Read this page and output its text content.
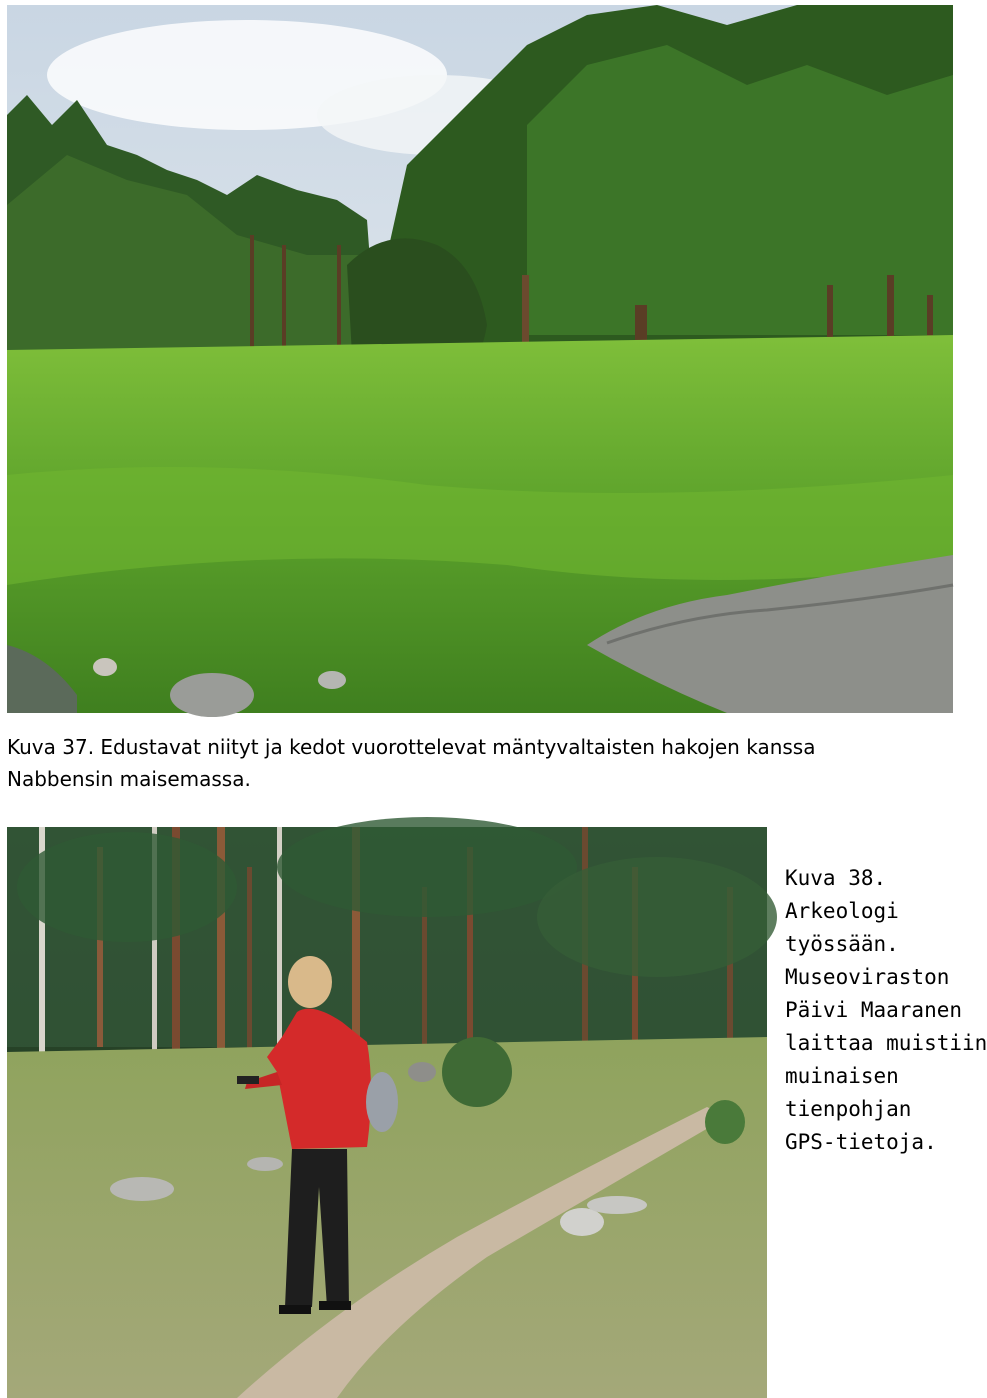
Kuva 37. Edustavat niityt ja kedot vuorottelevat mäntyvaltaisten hakojen kanssa
Nabbensin maisemassa.
Kuva 38.
Arkeologi
työssään.
Museoviraston
Päivi Maaranen
laittaa muistiin
muinaisen
tienpohjan
GPS-tietoja.
